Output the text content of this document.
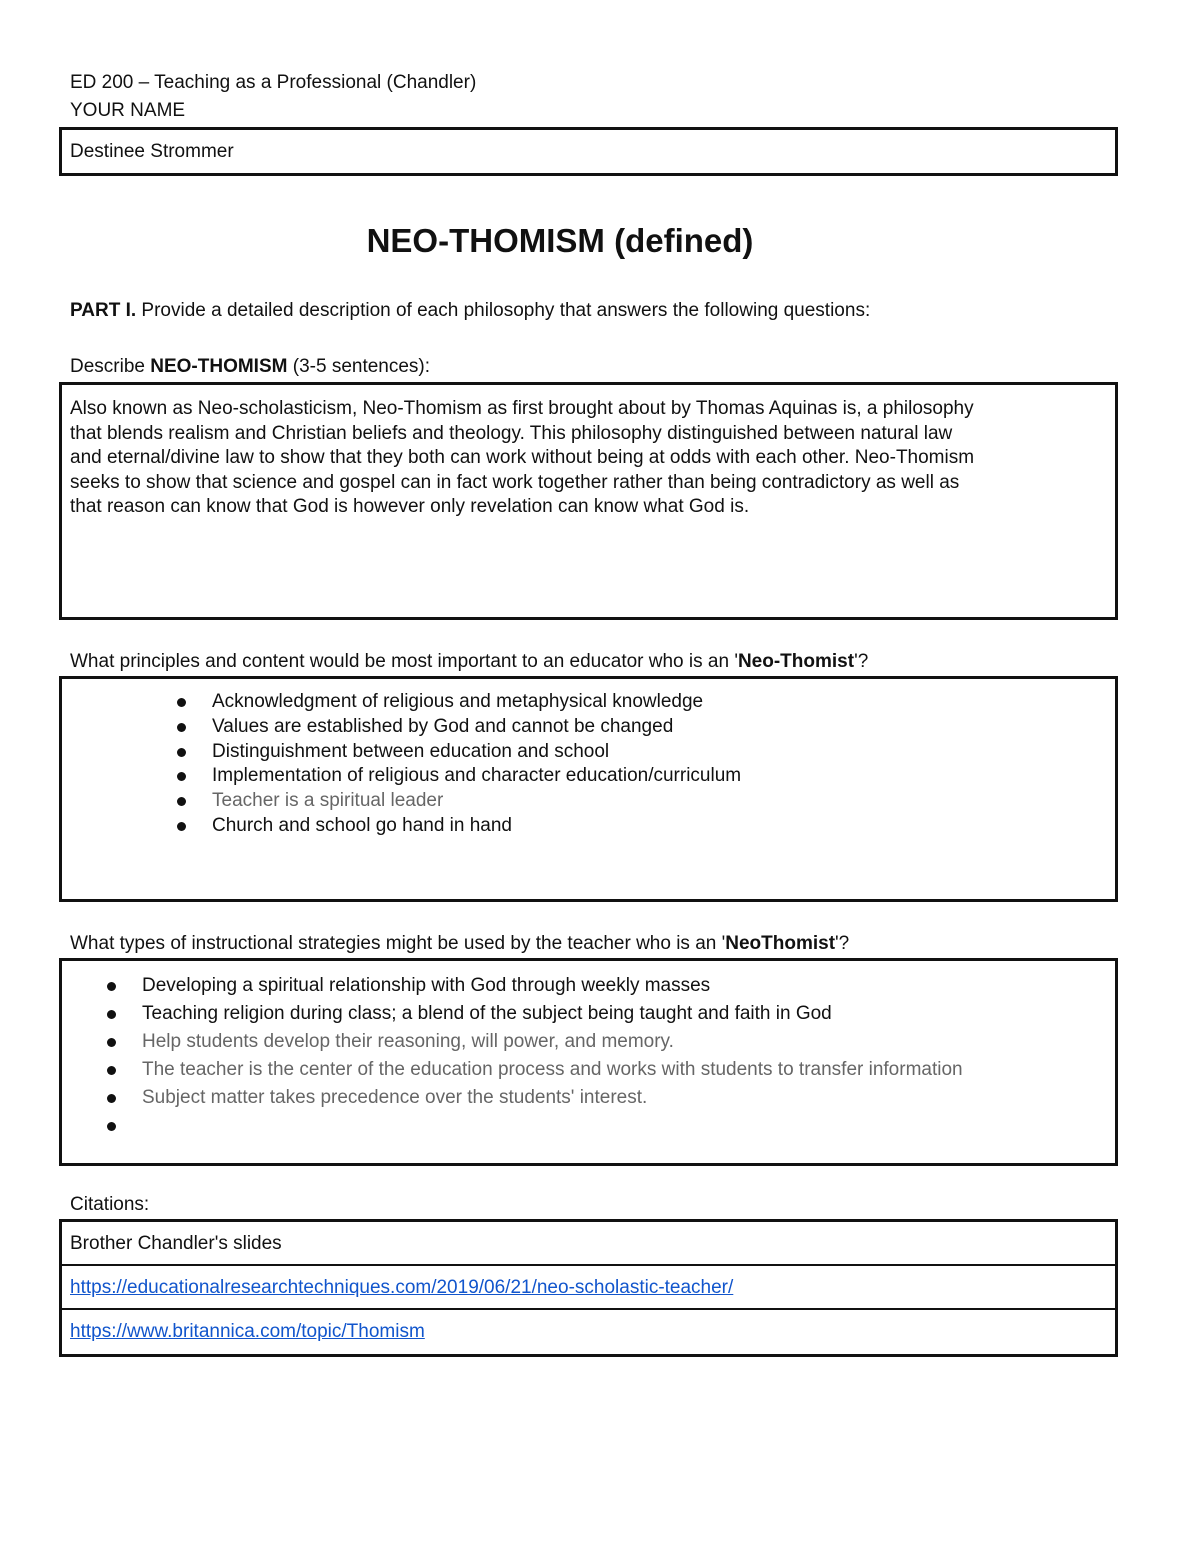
ED 200 – Teaching as a Professional (Chandler)
YOUR NAME
Destinee Strommer
NEO-THOMISM (defined)
PART I. Provide a detailed description of each philosophy that answers the following questions:
Describe NEO-THOMISM (3-5 sentences):
Also known as Neo-scholasticism, Neo-Thomism as first brought about by Thomas Aquinas is, a philosophy
that blends realism and Christian beliefs and theology. This philosophy distinguished between natural law
and eternal/divine law to show that they both can work without being at odds with each other. Neo-Thomism
seeks to show that science and gospel can in fact work together rather than being contradictory as well as
that reason can know that God is however only revelation can know what God is.
What principles and content would be most important to an educator who is an 'Neo-Thomist'?
Acknowledgment of religious and metaphysical knowledge
Values are established by God and cannot be changed
Distinguishment between education and school
Implementation of religious and character education/curriculum
Teacher is a spiritual leader
Church and school go hand in hand
What types of instructional strategies might be used by the teacher who is an 'NeoThomist'?
Developing a spiritual relationship with God through weekly masses
Teaching religion during class; a blend of the subject being taught and faith in God
Help students develop their reasoning, will power, and memory.
The teacher is the center of the education process and works with students to transfer information
Subject matter takes precedence over the students' interest.
Citations:
Brother Chandler's slides
https://educationalresearchtechniques.com/2019/06/21/neo-scholastic-teacher/
https://www.britannica.com/topic/Thomism
